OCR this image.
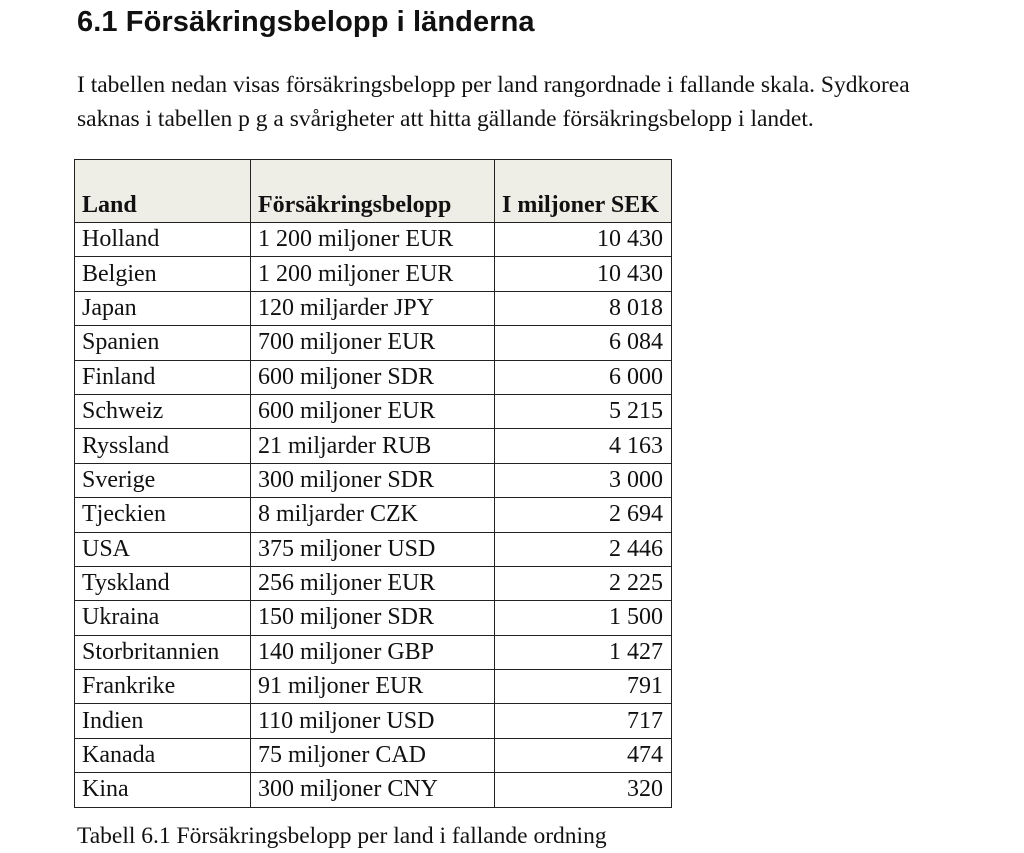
6.1 Försäkringsbelopp i länderna

I tabellen nedan visas försäkringsbelopp per land rangordnade i fallande skala. Sydkorea
saknas i tabellen p g a svårigheter att hitta gällande försäkringsbelopp i landet.

Land	Försäkringsbelopp	I miljoner SEK
Holland	1 200 miljoner EUR	10 430
Belgien	1 200 miljoner EUR	10 430
Japan	120 miljarder JPY	8 018
Spanien	700 miljoner EUR	6 084
Finland	600 miljoner SDR	6 000
Schweiz	600 miljoner EUR	5 215
Ryssland	21 miljarder RUB	4 163
Sverige	300 miljoner SDR	3 000
Tjeckien	8 miljarder CZK	2 694
USA	375 miljoner USD	2 446
Tyskland	256 miljoner EUR	2 225
Ukraina	150 miljoner SDR	1 500
Storbritannien	140 miljoner GBP	1 427
Frankrike	91 miljoner EUR	791
Indien	110 miljoner USD	717
Kanada	75 miljoner CAD	474
Kina	300 miljoner CNY	320

Tabell 6.1 Försäkringsbelopp per land i fallande ordning
